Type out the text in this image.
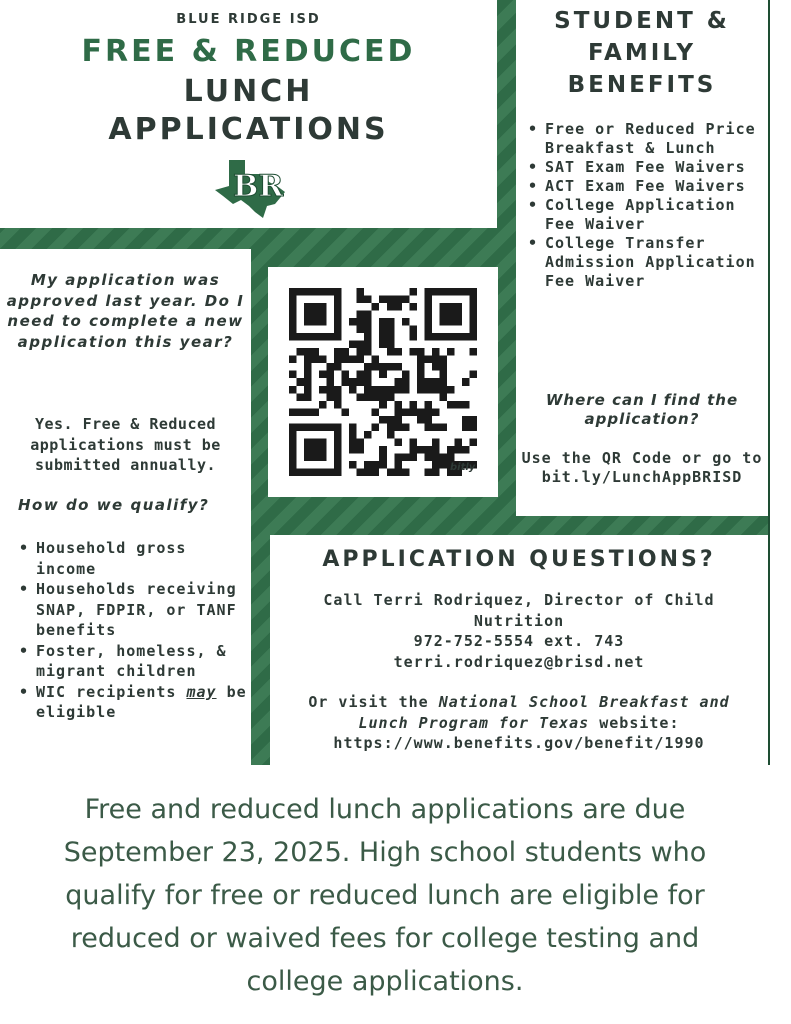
BLUE RIDGE ISD
FREE & REDUCED
LUNCH
APPLICATIONS
BR
STUDENT &
FAMILY
BENEFITS
• Free or Reduced Price Breakfast & Lunch
• SAT Exam Fee Waivers
• ACT Exam Fee Waivers
• College Application Fee Waiver
• College Transfer Admission Application Fee Waiver
Where can I find the application?
Use the QR Code or go to bit.ly/LunchAppBRISD
My application was approved last year. Do I need to complete a new application this year?
Yes. Free & Reduced applications must be submitted annually.
How do we qualify?
• Household gross income
• Households receiving SNAP, FDPIR, or TANF benefits
• Foster, homeless, & migrant children
• WIC recipients may be eligible
bitly
APPLICATION QUESTIONS?
Call Terri Rodriquez, Director of Child
Nutrition
972-752-5554 ext. 743
terri.rodriquez@brisd.net
Or visit the National School Breakfast and
Lunch Program for Texas website:
https://www.benefits.gov/benefit/1990
Free and reduced lunch applications are due September 23, 2025. High school students who qualify for free or reduced lunch are eligible for reduced or waived fees for college testing and college applications.
